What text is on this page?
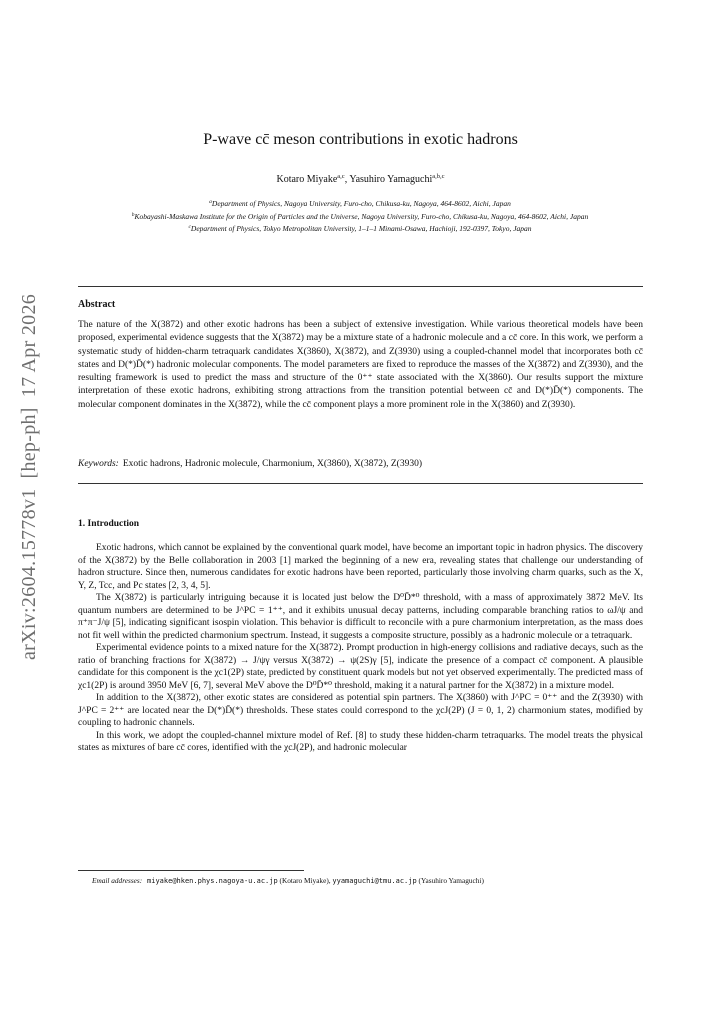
arXiv:2604.15778v1[hep-ph]17 Apr 2026
P-wave cc̄ meson contributions in exotic hadrons
Kotaro Miyake$^{a,c}$, Yasuhiro Yamaguchi$^{a,b,c}$
$^a$Department of Physics, Nagoya University, Furo-cho, Chikusa-ku, Nagoya, 464-8602, Aichi, Japan
$^b$Kobayashi-Maskawa Institute for the Origin of Particles and the Universe, Nagoya University, Furo-cho, Chikusa-ku, Nagoya, 464-8602, Aichi, Japan
$^c$Department of Physics, Tokyo Metropolitan University, 1–1–1 Minami-Osawa, Hachioji, 192-0397, Tokyo, Japan
Abstract
The nature of the X(3872) and other exotic hadrons has been a subject of extensive investigation. While various theoretical models have been proposed, experimental evidence suggests that the X(3872) may be a mixture state of a hadronic molecule and a cc̄ core. In this work, we perform a systematic study of hidden-charm tetraquark candidates X(3860), X(3872), and Z(3930) using a coupled-channel model that incorporates both cc̄ states and D(*)D̄(*) hadronic molecular components. The model parameters are fixed to reproduce the masses of the X(3872) and Z(3930), and the resulting framework is used to predict the mass and structure of the 0⁺⁺ state associated with the X(3860). Our results support the mixture interpretation of these exotic hadrons, exhibiting strong attractions from the transition potential between cc̄ and D(*)D̄(*) components. The molecular component dominates in the X(3872), while the cc̄ component plays a more prominent role in the X(3860) and Z(3930).
Keywords: Exotic hadrons, Hadronic molecule, Charmonium, X(3860), X(3872), Z(3930)
1. Introduction

Exotic hadrons, which cannot be explained by the conventional quark model, have become an important topic in hadron physics. The discovery of the X(3872) by the Belle collaboration in 2003 [1] marked the beginning of a new era, revealing states that challenge our understanding of hadron structure. Since then, numerous candidates for exotic hadrons have been reported, particularly those involving charm quarks, such as the X, Y, Z, Tcc, and Pc states [2, 3, 4, 5].

The X(3872) is particularly intriguing because it is located just below the D⁰D̄*⁰ threshold, with a mass of approximately 3872 MeV. Its quantum numbers are determined to be J^PC = 1⁺⁺, and it exhibits unusual decay patterns, including comparable branching ratios to ωJ/ψ and π⁺π⁻J/ψ [5], indicating significant isospin violation. This behavior is difficult to reconcile with a pure charmonium interpretation, as the mass does not fit well within the predicted charmonium spectrum. Instead, it suggests a composite structure, possibly as a hadronic molecule or a tetraquark.

Experimental evidence points to a mixed nature for the X(3872). Prompt production in high-energy collisions and radiative decays, such as the ratio of branching fractions for X(3872) → J/ψγ versus X(3872) → ψ(2S)γ [5], indicate the presence of a compact cc̄ component. A plausible candidate for this component is the χc1(2P) state, predicted by constituent quark models but not yet observed experimentally. The predicted mass of χc1(2P) is around 3950 MeV [6, 7], several MeV above the D⁰D̄*⁰ threshold, making it a natural partner for the X(3872) in a mixture model.

In addition to the X(3872), other exotic states are considered as potential spin partners. The X(3860) with J^PC = 0⁺⁺ and the Z(3930) with J^PC = 2⁺⁺ are located near the D(*)D̄(*) thresholds. These states could correspond to the χcJ(2P) (J = 0, 1, 2) charmonium states, modified by coupling to hadronic channels.

In this work, we adopt the coupled-channel mixture model of Ref. [8] to study these hidden-charm tetraquarks. The model treats the physical states as mixtures of bare cc̄ cores, identified with the χcJ(2P), and hadronic molecular

Email addresses: miyake@hken.phys.nagoya-u.ac.jp (Kotaro Miyake), yyamaguchi@tmu.ac.jp (Yasuhiro Yamaguchi)
